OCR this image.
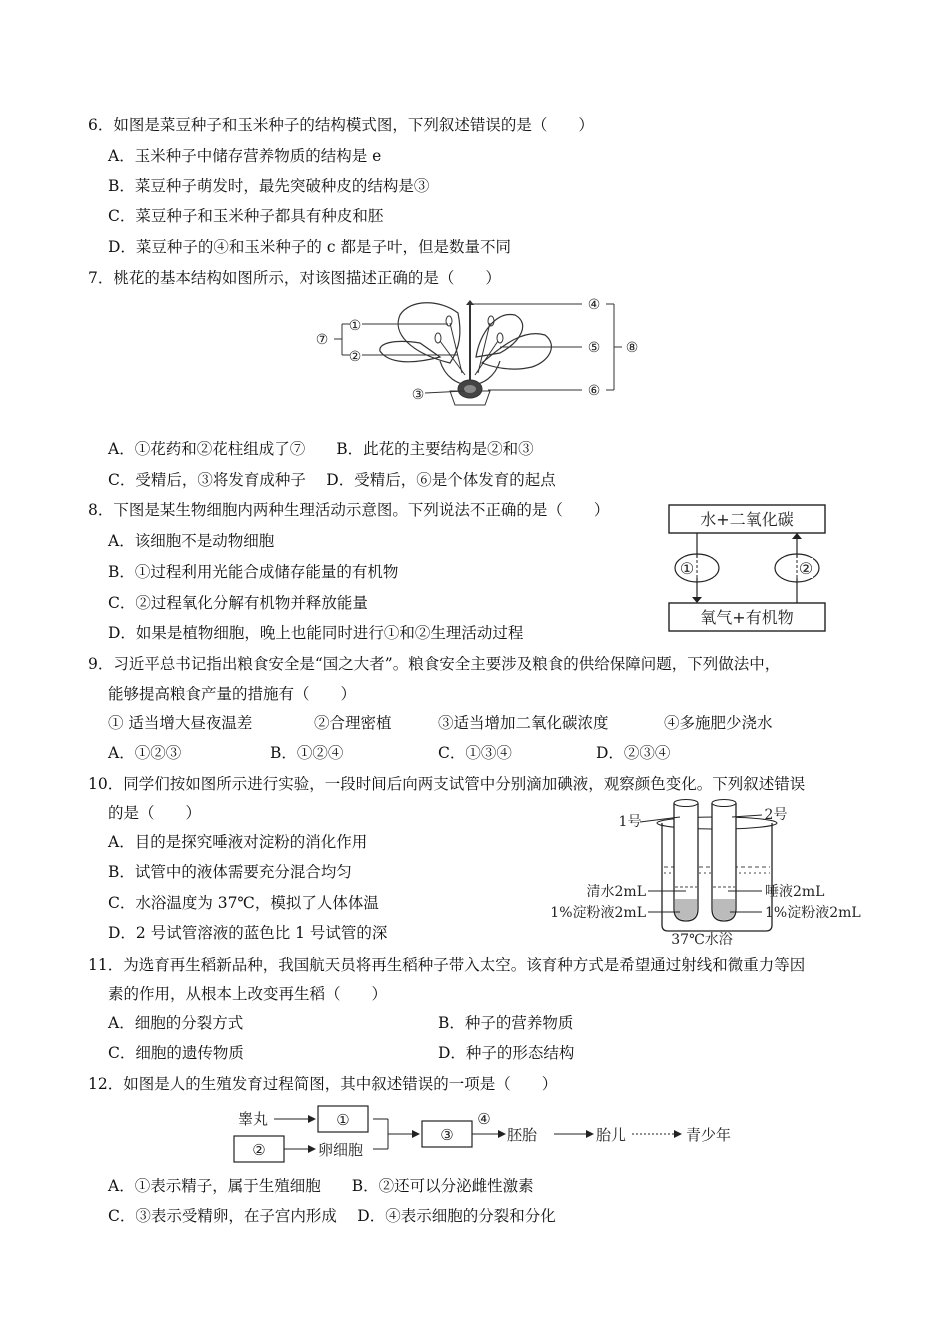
6．如图是菜豆种子和玉米种子的结构模式图，下列叙述错误的是（　　）
A．玉米种子中储存营养物质的结构是 e
B．菜豆种子萌发时，最先突破种皮的结构是③
C．菜豆种子和玉米种子都具有种皮和胚
D．菜豆种子的④和玉米种子的 c 都是子叶，但是数量不同
7．桃花的基本结构如图所示，对该图描述正确的是（　　）
①
②
③
④
⑤
⑥
⑦	⑧
A．①花药和②花柱组成了⑦　　B．此花的主要结构是②和③
C．受精后，③将发育成种子　 D．受精后，⑥是个体发育的起点
8．下图是某生物细胞内两种生理活动示意图。下列说法不正确的是（　　）
A．该细胞不是动物细胞
B．①过程利用光能合成储存能量的有机物
C．②过程氧化分解有机物并释放能量
D．如果是植物细胞，晚上也能同时进行①和②生理活动过程
水+二氧化碳
氧气+有机物
①	②
9．习近平总书记指出粮食安全是“国之大者”。粮食安全主要涉及粮食的供给保障问题，下列做法中，
能够提高粮食产量的措施有（　　）
① 适当增大昼夜温差	②合理密植	③适当增加二氧化碳浓度	④多施肥少浇水
A．①②③	B．①②④	C．①③④	D．②③④
10．同学们按如图所示进行实验，一段时间后向两支试管中分别滴加碘液，观察颜色变化。下列叙述错误
的是（　　）
A．目的是探究唾液对淀粉的消化作用
B．试管中的液体需要充分混合均匀
C．水浴温度为 37℃，模拟了人体体温
D．2 号试管溶液的蓝色比 1 号试管的深
1号	2号
清水2mL
1%淀粉液2mL
唾液2mL
1%淀粉液2mL
37℃水浴
11．为选育再生稻新品种，我国航天员将再生稻种子带入太空。该育种方式是希望通过射线和微重力等因
素的作用，从根本上改变再生稻（　　）
A．细胞的分裂方式	B．种子的营养物质
C．细胞的遗传物质	D．种子的形态结构
12．如图是人的生殖发育过程简图，其中叙述错误的一项是（　　）
睾丸	①
②	卵细胞
③
④
胚胎	胎儿	青少年
A．①表示精子，属于生殖细胞　　B．②还可以分泌雌性激素
C．③表示受精卵，在子宫内形成　 D．④表示细胞的分裂和分化
